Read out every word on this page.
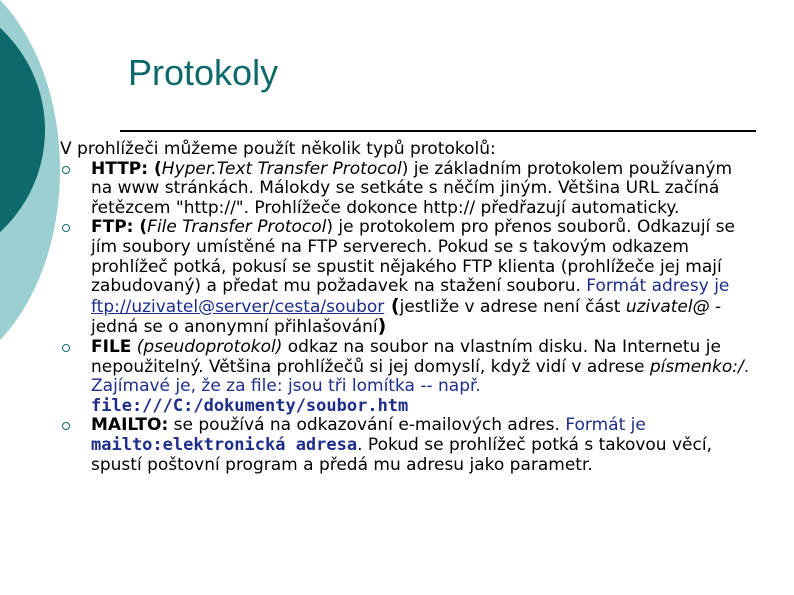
Protokoly

V prohlížeči můžeme použít několik typů protokolů:

HTTP: (Hyper.Text Transfer Protocol) je základním protokolem používaným na www stránkách. Málokdy se setkáte s něčím jiným. Většina URL začíná řetězcem "http://". Prohlížeče dokonce http:// předřazují automaticky.
FTP: (File Transfer Protocol) je protokolem pro přenos souborů. Odkazují se jím soubory umístěné na FTP serverech. Pokud se s takovým odkazem prohlížeč potká, pokusí se spustit nějakého FTP klienta (prohlížeče jej mají zabudovaný) a předat mu požadavek na stažení souboru. Formát adresy je ftp://uzivatel@server/cesta/soubor (jestliže v adrese není část uzivatel@ - jedná se o anonymní přihlašování)
FILE (pseudoprotokol) odkaz na soubor na vlastním disku. Na Internetu je nepoužitelný. Většina prohlížečů si jej domyslí, když vidí v adrese písmenko:/. Zajímavé je, že za file: jsou tři lomítka -- např. file:///C:/dokumenty/soubor.htm
MAILTO: se používá na odkazování e-mailových adres. Formát je mailto:elektronická adresa. Pokud se prohlížeč potká s takovou věcí, spustí poštovní program a předá mu adresu jako parametr.
